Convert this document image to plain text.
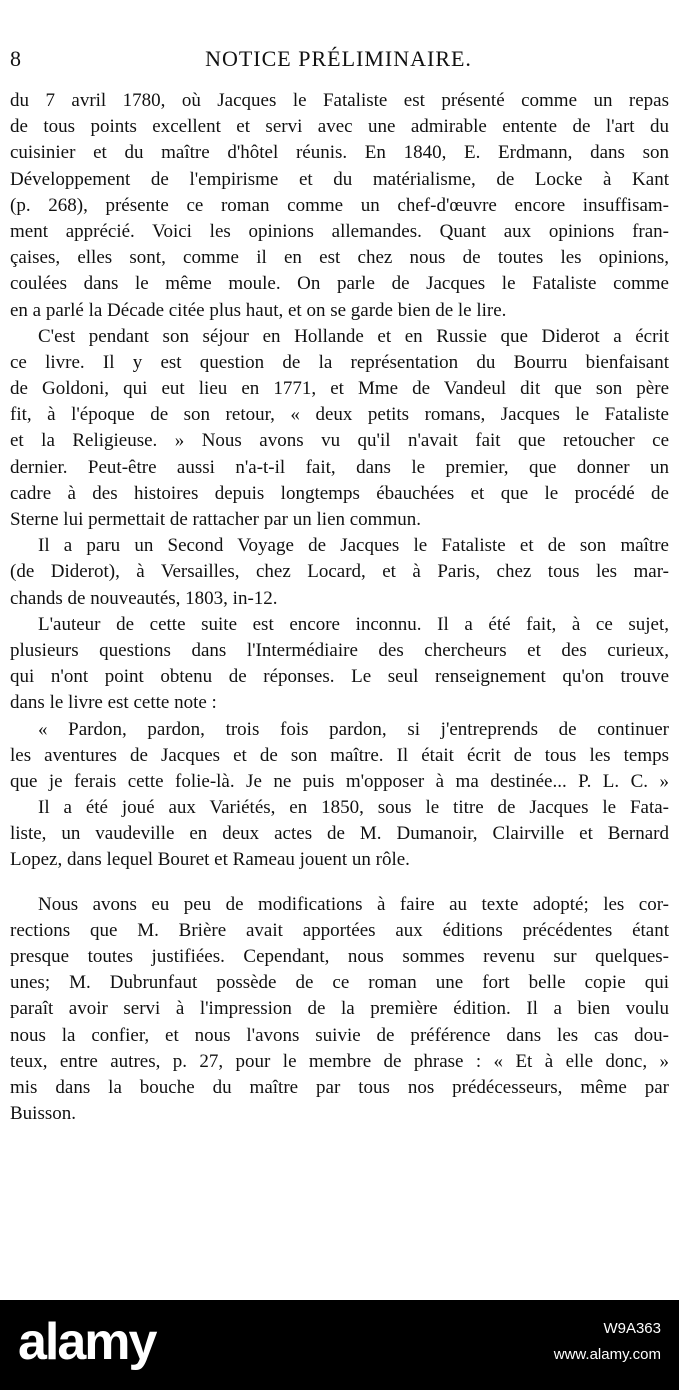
8	NOTICE PRÉLIMINAIRE.
du 7 avril 1780, où Jacques le Fataliste est présenté comme un repas
de tous points excellent et servi avec une admirable entente de l'art du
cuisinier et du maître d'hôtel réunis. En 1840, E. Erdmann, dans son
Développement de l'empirisme et du matérialisme, de Locke à Kant
(p. 268), présente ce roman comme un chef-d'œuvre encore insuffisam-
ment apprécié. Voici les opinions allemandes. Quant aux opinions fran-
çaises, elles sont, comme il en est chez nous de toutes les opinions,
coulées dans le même moule. On parle de Jacques le Fataliste comme
en a parlé la Décade citée plus haut, et on se garde bien de le lire.
C'est pendant son séjour en Hollande et en Russie que Diderot a écrit
ce livre. Il y est question de la représentation du Bourru bienfaisant
de Goldoni, qui eut lieu en 1771, et Mme de Vandeul dit que son père
fit, à l'époque de son retour, « deux petits romans, Jacques le Fataliste
et la Religieuse. » Nous avons vu qu'il n'avait fait que retoucher ce
dernier. Peut-être aussi n'a-t-il fait, dans le premier, que donner un
cadre à des histoires depuis longtemps ébauchées et que le procédé de
Sterne lui permettait de rattacher par un lien commun.
Il a paru un Second Voyage de Jacques le Fataliste et de son maître
(de Diderot), à Versailles, chez Locard, et à Paris, chez tous les mar-
chands de nouveautés, 1803, in-12.
L'auteur de cette suite est encore inconnu. Il a été fait, à ce sujet,
plusieurs questions dans l'Intermédiaire des chercheurs et des curieux,
qui n'ont point obtenu de réponses. Le seul renseignement qu'on trouve
dans le livre est cette note :
« Pardon, pardon, trois fois pardon, si j'entreprends de continuer
les aventures de Jacques et de son maître. Il était écrit de tous les temps
que je ferais cette folie-là. Je ne puis m'opposer à ma destinée... P. L. C. »
Il a été joué aux Variétés, en 1850, sous le titre de Jacques le Fata-
liste, un vaudeville en deux actes de M. Dumanoir, Clairville et Bernard
Lopez, dans lequel Bouret et Rameau jouent un rôle.
Nous avons eu peu de modifications à faire au texte adopté; les cor-
rections que M. Brière avait apportées aux éditions précédentes étant
presque toutes justifiées. Cependant, nous sommes revenu sur quelques-
unes; M. Dubrunfaut possède de ce roman une fort belle copie qui
paraît avoir servi à l'impression de la première édition. Il a bien voulu
nous la confier, et nous l'avons suivie de préférence dans les cas dou-
teux, entre autres, p. 27, pour le membre de phrase : « Et à elle donc, »
mis dans la bouche du maître par tous nos prédécesseurs, même par
Buisson.
alamy	W9A363
www.alamy.com
